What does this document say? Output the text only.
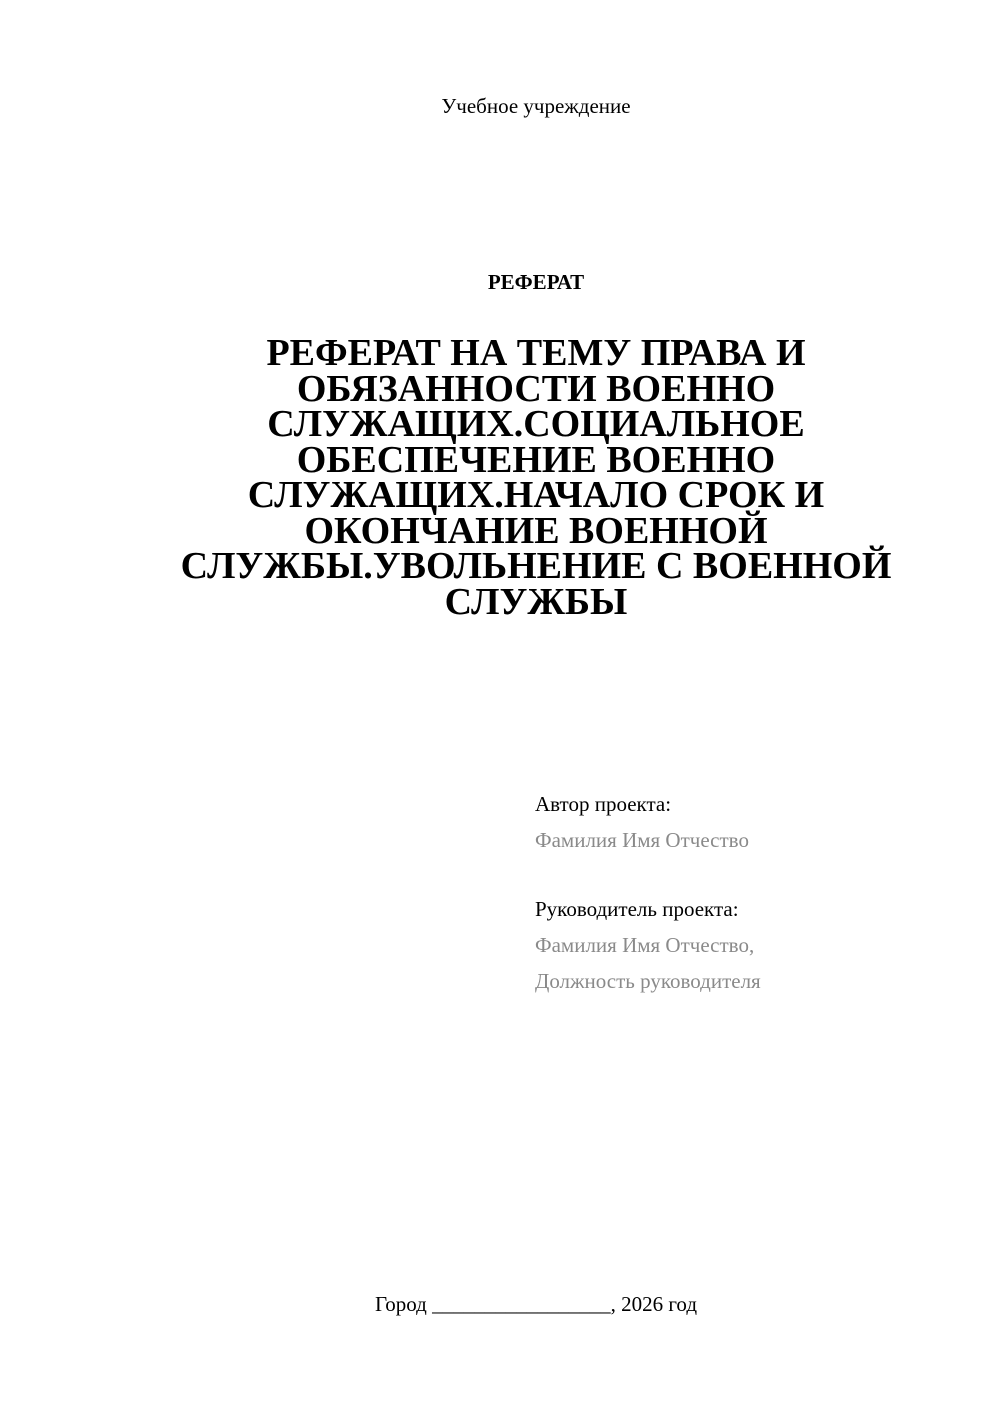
Учебное учреждение
РЕФЕРАТ
РЕФЕРАТ НА ТЕМУ ПРАВА И
ОБЯЗАННОСТИ ВОЕННО
СЛУЖАЩИХ.СОЦИАЛЬНОЕ
ОБЕСПЕЧЕНИЕ ВОЕННО
СЛУЖАЩИХ.НАЧАЛО СРОК И
ОКОНЧАНИЕ ВОЕННОЙ
СЛУЖБЫ.УВОЛЬНЕНИЕ С ВОЕННОЙ
СЛУЖБЫ
Автор проекта:
Фамилия Имя Отчество
Руководитель проекта:
Фамилия Имя Отчество,
Должность руководителя
Город _________________, 2026 год
